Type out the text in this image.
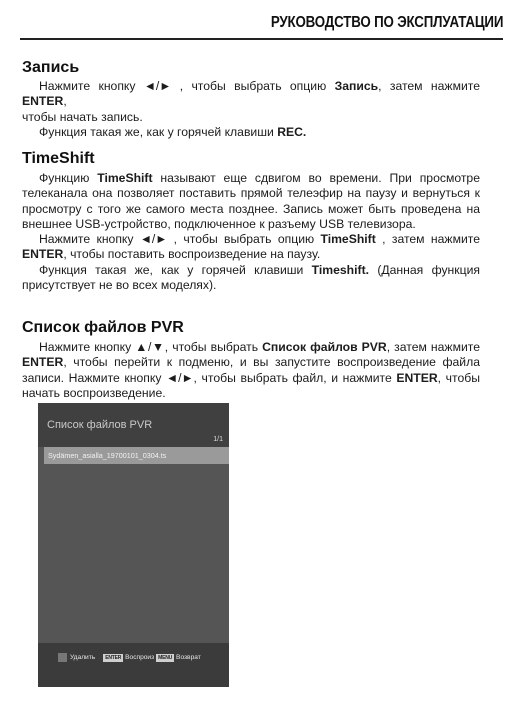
РУКОВОДСТВО ПО ЭКСПЛУАТАЦИИ
Запись

Нажмите кнопку ◄/► , чтобы выбрать опцию Запись, затем нажмите ENTER,

чтобы начать запись.

Функция такая же, как у горячей клавиши REC.

TimeShift

Функцию TimeShift называют еще сдвигом во времени. При просмотре телеканала она позволяет поставить прямой телеэфир на паузу и вернуться к просмотру с того же самого места позднее. Запись может быть проведена на внешнее USB-устройство, подключенное к разъему USB телевизора.

Нажмите кнопку ◄/► , чтобы выбрать опцию TimeShift , затем нажмите ENTER, чтобы поставить воспроизведение на паузу.

Функция такая же, как у горячей клавиши Timeshift. (Данная функция присутствует не во всех моделях).

Список файлов PVR

Нажмите кнопку ▲/▼, чтобы выбрать Список файлов PVR, затем нажмите ENTER, чтобы перейти к подменю, и вы запустите воспроизведение файла записи. Нажмите кнопку ◄/►, чтобы выбрать файл, и нажмите ENTER, чтобы начать воспроизведение.

Список файлов PVR
1/1
Sydämen_asialla_19700101_0304.ts
Удалить	ENTER Воспроиз MENU Возврат
